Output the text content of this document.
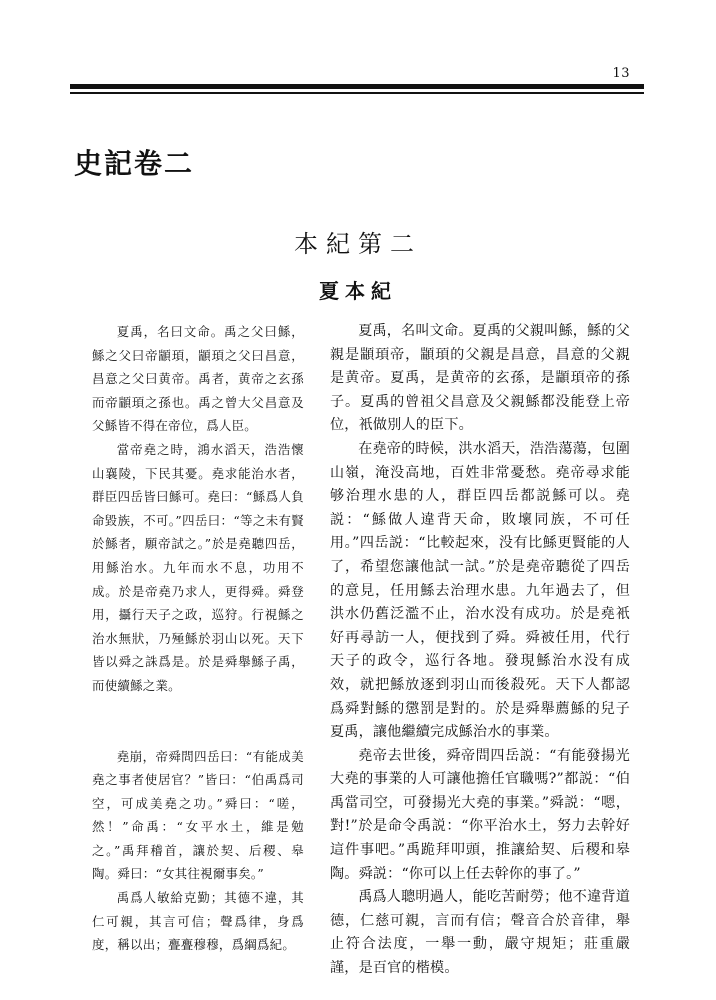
13
史記卷二
本紀第二
夏本紀

夏禹，名曰文命。禹之父曰鯀，鯀之父曰帝顓頊，顓頊之父曰昌意，昌意之父曰黄帝。禹者，黄帝之玄孫而帝顓頊之孫也。禹之曾大父昌意及父鯀皆不得在帝位，爲人臣。

當帝堯之時，鴻水滔天，浩浩懷山襄陵，下民其憂。堯求能治水者，群臣四岳皆曰鯀可。堯曰：“鯀爲人負命毀族，不可。”四岳曰：“等之未有賢於鯀者，願帝試之。”於是堯聽四岳，用鯀治水。九年而水不息，功用不成。於是帝堯乃求人，更得舜。舜登用，攝行天子之政，巡狩。行視鯀之治水無狀，乃殛鯀於羽山以死。天下皆以舜之誅爲是。於是舜舉鯀子禹，而使續鯀之業。

堯崩，帝舜問四岳曰：“有能成美堯之事者使居官？”皆曰：“伯禹爲司空，可成美堯之功。”舜曰：“嗟，然！”命禹：“女平水土，維是勉之。”禹拜稽首，讓於契、后稷、皋陶。舜曰：“女其往視爾事矣。”

禹爲人敏給克勤；其德不違，其仁可親，其言可信；聲爲律，身爲度，稱以出；亹亹穆穆，爲綱爲紀。

夏禹，名叫文命。夏禹的父親叫鯀，鯀的父親是顓頊帝，顓頊的父親是昌意，昌意的父親是黄帝。夏禹，是黄帝的玄孫，是顓頊帝的孫子。夏禹的曾祖父昌意及父親鯀都没能登上帝位，衹做別人的臣下。

在堯帝的時候，洪水滔天，浩浩蕩蕩，包圍山嶺，淹没高地，百姓非常憂愁。堯帝尋求能够治理水患的人，群臣四岳都説鯀可以。堯説：“鯀做人違背天命，敗壞同族，不可任用。”四岳説：“比較起來，没有比鯀更賢能的人了，希望您讓他試一試。”於是堯帝聽從了四岳的意見，任用鯀去治理水患。九年過去了，但洪水仍舊泛濫不止，治水没有成功。於是堯衹好再尋訪一人，便找到了舜。舜被任用，代行天子的政令，巡行各地。發現鯀治水没有成效，就把鯀放逐到羽山而後殺死。天下人都認爲舜對鯀的懲罰是對的。於是舜舉薦鯀的兒子夏禹，讓他繼續完成鯀治水的事業。

堯帝去世後，舜帝問四岳説：“有能發揚光大堯的事業的人可讓他擔任官職嗎?”都説：“伯禹當司空，可發揚光大堯的事業。”舜説：“嗯，對!”於是命令禹説：“你平治水土，努力去幹好這件事吧。”禹跪拜叩頭，推讓給契、后稷和皋陶。舜説：“你可以上任去幹你的事了。”

禹爲人聰明過人，能吃苦耐勞；他不違背道德，仁慈可親，言而有信；聲音合於音律，舉止符合法度，一舉一動，嚴守規矩；莊重嚴謹，是百官的楷模。
